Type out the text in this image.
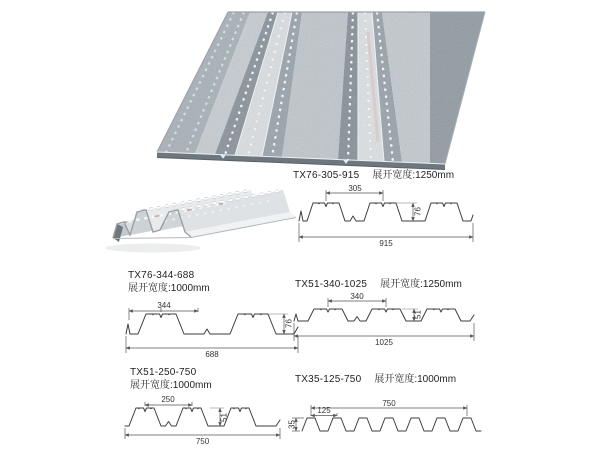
TX76-305-915 展开宽度:1250mm
305
76
915
TX76-344-688
展开宽度:1000mm
344
76
688
TX51-340-1025 展开宽度:1250mm
340
51
1025
TX51-250-750
展开宽度:1000mm
250
51
750
TX35-125-750 展开宽度:1000mm
750
125
35
